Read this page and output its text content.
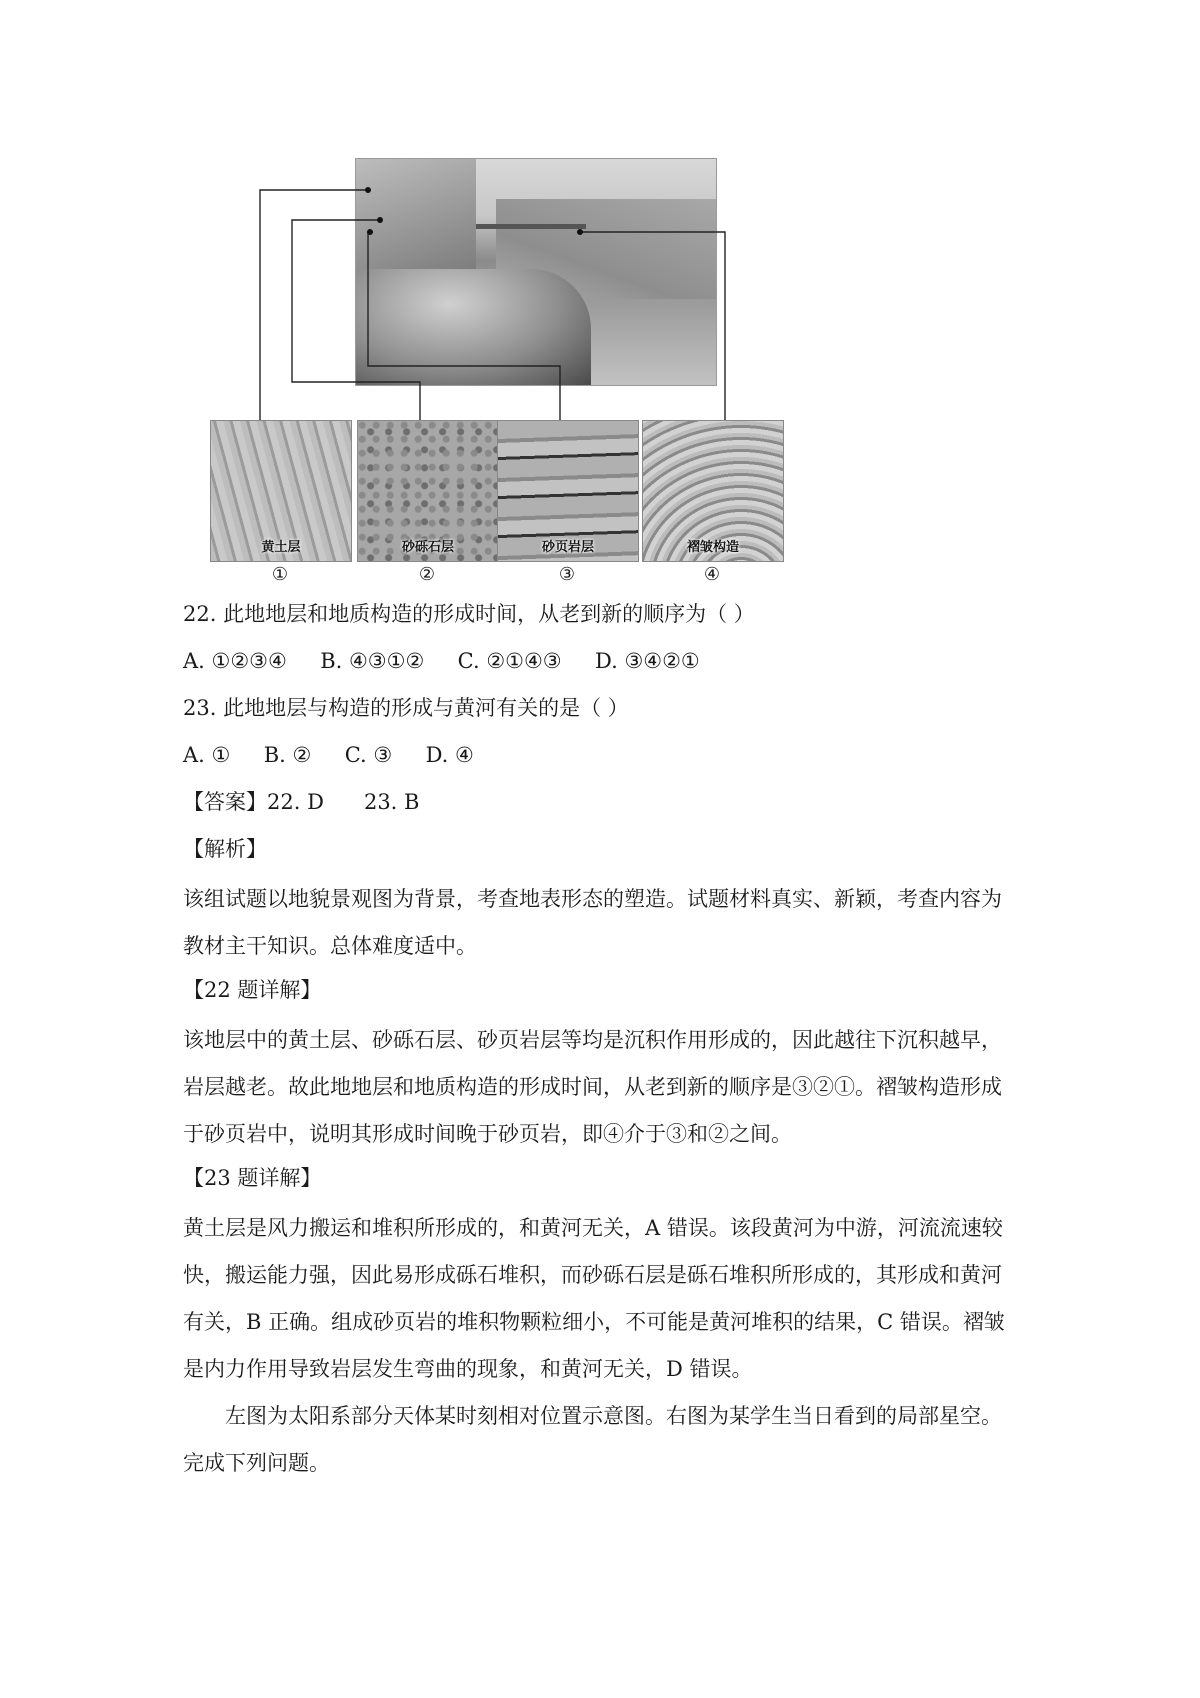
黄土层	砂砾石层	砂页岩层	褶皱构造
①	②	③	④
22. 此地地层和地质构造的形成时间，从老到新的顺序为（ ）
A. ①②③④     B. ④③①②     C. ②①④③     D. ③④②①
23. 此地地层与构造的形成与黄河有关的是（ ）
A. ①     B. ②     C. ③     D. ④
【答案】22. D      23. B
【解析】

该组试题以地貌景观图为背景，考查地表形态的塑造。试题材料真实、新颖，考查内容为教材主干知识。总体难度适中。

【22 题详解】

该地层中的黄土层、砂砾石层、砂页岩层等均是沉积作用形成的，因此越往下沉积越早，岩层越老。故此地地层和地质构造的形成时间，从老到新的顺序是③②①。褶皱构造形成于砂页岩中，说明其形成时间晚于砂页岩，即④介于③和②之间。

【23 题详解】

黄土层是风力搬运和堆积所形成的，和黄河无关，A 错误。该段黄河为中游，河流流速较快，搬运能力强，因此易形成砾石堆积，而砂砾石层是砾石堆积所形成的，其形成和黄河有关，B 正确。组成砂页岩的堆积物颗粒细小，不可能是黄河堆积的结果，C 错误。褶皱是内力作用导致岩层发生弯曲的现象，和黄河无关，D 错误。

左图为太阳系部分天体某时刻相对位置示意图。右图为某学生当日看到的局部星空。完成下列问题。
